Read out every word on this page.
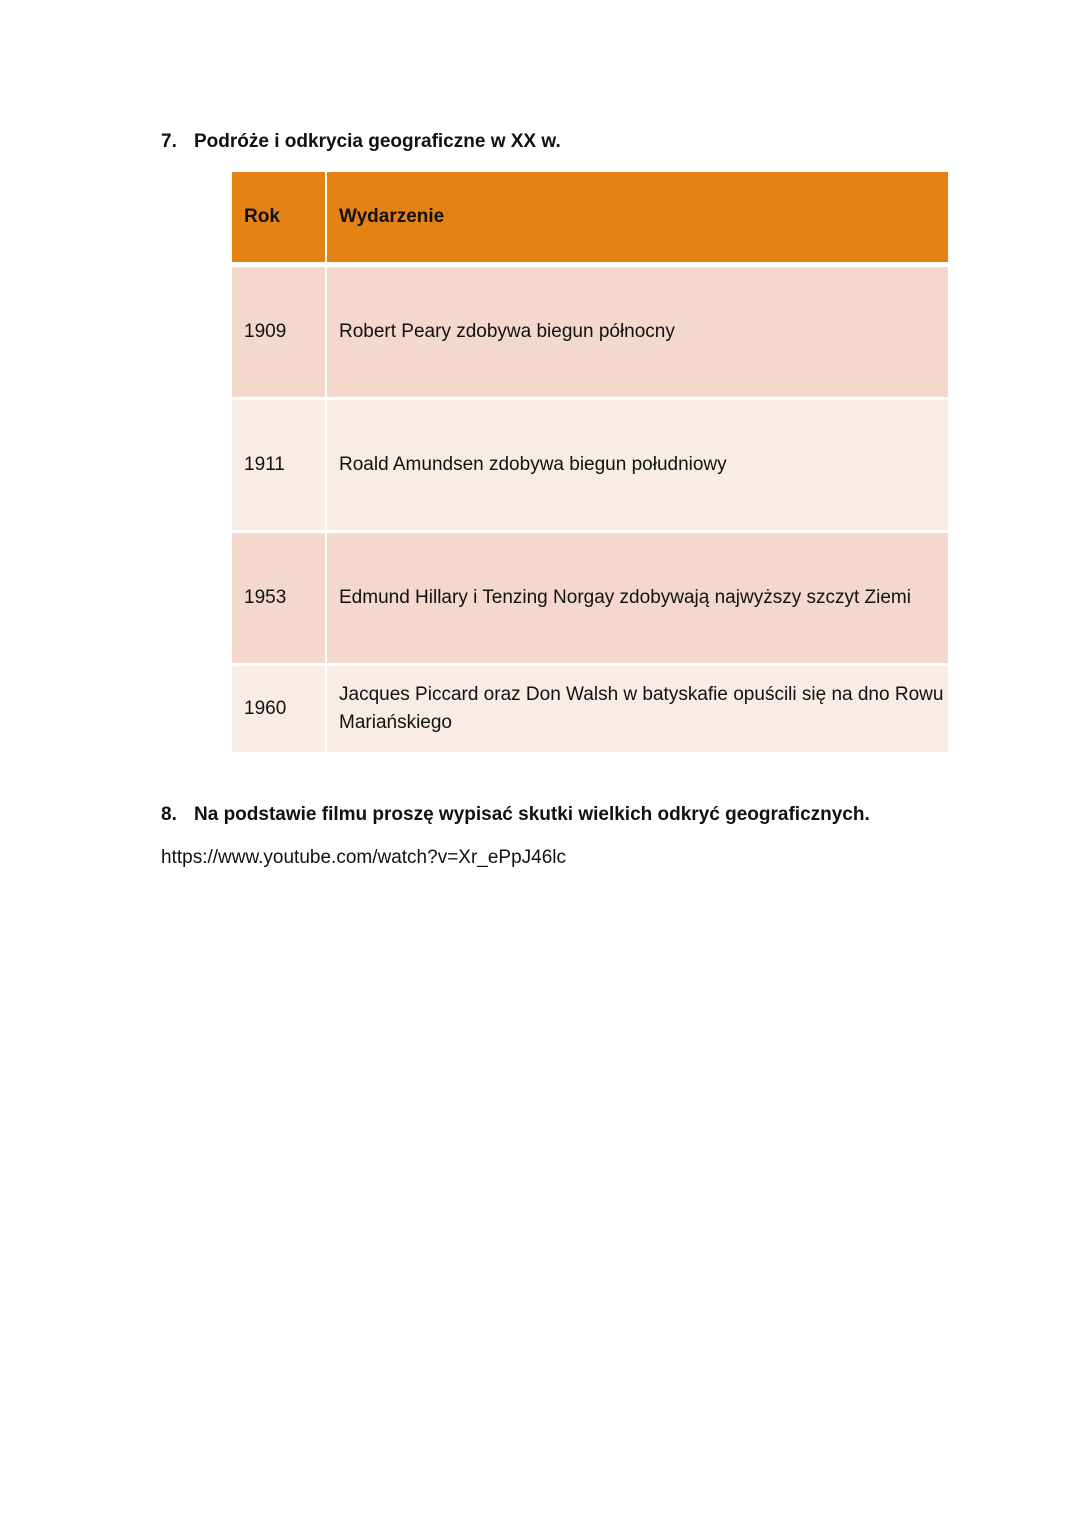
7. Podróże i odkrycia geograficzne w XX w.
Rok	Wydarzenie
1909	Robert Peary zdobywa biegun północny
1911	Roald Amundsen zdobywa biegun południowy
1953	Edmund Hillary i Tenzing Norgay zdobywają najwyższy szczyt Ziemi
1960	Jacques Piccard oraz Don Walsh w batyskafie opuścili się na dno Rowu Mariańskiego
8. Na podstawie filmu proszę wypisać skutki wielkich odkryć geograficznych.
https://www.youtube.com/watch?v=Xr_ePpJ46lc
